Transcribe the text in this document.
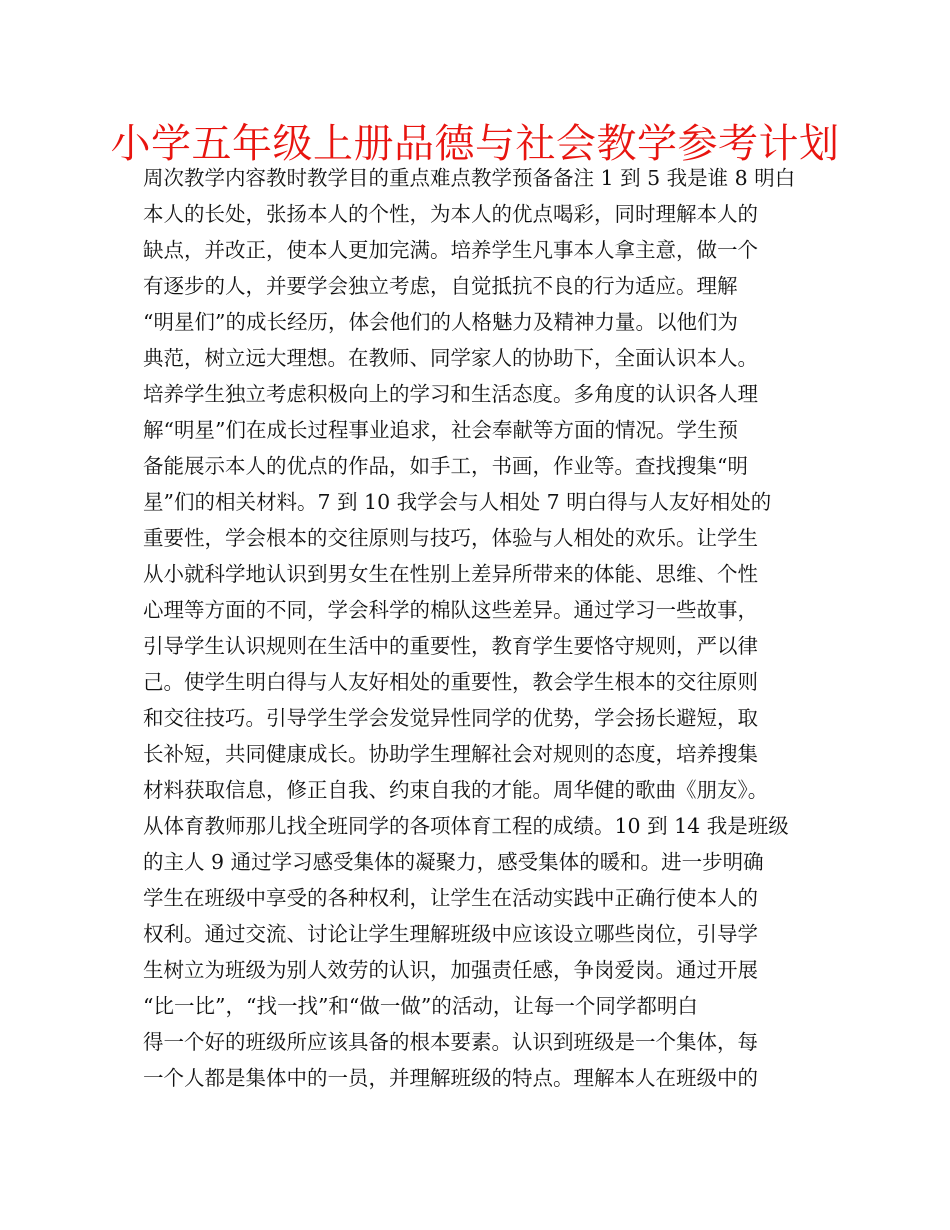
小学五年级上册品德与社会教学参考计划
周次教学内容教时教学目的重点难点教学预备备注 1 到 5 我是谁 8 明白
本人的长处，张扬本人的个性，为本人的优点喝彩，同时理解本人的
缺点，并改正，使本人更加完满。培养学生凡事本人拿主意，做一个
有逐步的人，并要学会独立考虑，自觉抵抗不良的行为适应。理解
“明星们”的成长经历，体会他们的人格魅力及精神力量。以他们为
典范，树立远大理想。在教师、同学家人的协助下，全面认识本人。
培养学生独立考虑积极向上的学习和生活态度。多角度的认识各人理
解“明星”们在成长过程事业追求，社会奉献等方面的情况。学生预
备能展示本人的优点的作品，如手工，书画，作业等。查找搜集“明
星”们的相关材料。7 到 10 我学会与人相处 7 明白得与人友好相处的
重要性，学会根本的交往原则与技巧，体验与人相处的欢乐。让学生
从小就科学地认识到男女生在性别上差异所带来的体能、思维、个性
心理等方面的不同，学会科学的棉队这些差异。通过学习一些故事，
引导学生认识规则在生活中的重要性，教育学生要恪守规则，严以律
己。使学生明白得与人友好相处的重要性，教会学生根本的交往原则
和交往技巧。引导学生学会发觉异性同学的优势，学会扬长避短，取
长补短，共同健康成长。协助学生理解社会对规则的态度，培养搜集
材料获取信息，修正自我、约束自我的才能。周华健的歌曲《朋友》。
从体育教师那儿找全班同学的各项体育工程的成绩。10 到 14 我是班级
的主人 9 通过学习感受集体的凝聚力，感受集体的暖和。进一步明确
学生在班级中享受的各种权利，让学生在活动实践中正确行使本人的
权利。通过交流、讨论让学生理解班级中应该设立哪些岗位，引导学
生树立为班级为别人效劳的认识，加强责任感，争岗爱岗。通过开展
“比一比”，“找一找”和“做一做”的活动，让每一个同学都明白
得一个好的班级所应该具备的根本要素。认识到班级是一个集体，每
一个人都是集体中的一员，并理解班级的特点。理解本人在班级中的
